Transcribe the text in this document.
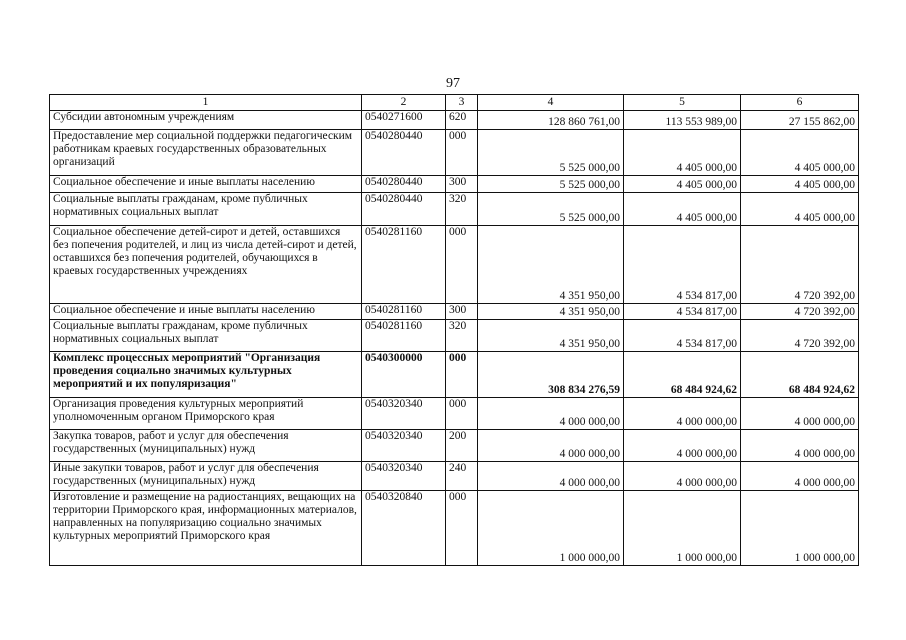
97
1	2	3	4	5	6
Субсидии автономным учреждениям	0540271600	620	128 860 761,00	113 553 989,00	27 155 862,00
Предоставление мер социальной поддержки педагогическим работникам краевых государственных образовательных организаций	0540280440	000	5 525 000,00	4 405 000,00	4 405 000,00
Социальное обеспечение и иные выплаты населению	0540280440	300	5 525 000,00	4 405 000,00	4 405 000,00
Социальные выплаты гражданам, кроме публичных нормативных социальных выплат	0540280440	320	5 525 000,00	4 405 000,00	4 405 000,00
Социальное обеспечение детей-сирот и детей, оставшихся без попечения родителей, и лиц из числа детей-сирот и детей, оставшихся без попечения родителей, обучающихся в краевых государственных учреждениях	0540281160	000	4 351 950,00	4 534 817,00	4 720 392,00
Социальное обеспечение и иные выплаты населению	0540281160	300	4 351 950,00	4 534 817,00	4 720 392,00
Социальные выплаты гражданам, кроме публичных нормативных социальных выплат	0540281160	320	4 351 950,00	4 534 817,00	4 720 392,00
Комплекс процессных мероприятий "Организация проведения социально значимых культурных мероприятий и их популяризация"	0540300000	000	308 834 276,59	68 484 924,62	68 484 924,62
Организация проведения культурных мероприятий уполномоченным органом Приморского края	0540320340	000	4 000 000,00	4 000 000,00	4 000 000,00
Закупка товаров, работ и услуг для обеспечения государственных (муниципальных) нужд	0540320340	200	4 000 000,00	4 000 000,00	4 000 000,00
Иные закупки товаров, работ и услуг для обеспечения государственных (муниципальных) нужд	0540320340	240	4 000 000,00	4 000 000,00	4 000 000,00
Изготовление и размещение на радиостанциях, вещающих на территории Приморского края, информационных материалов, направленных на популяризацию социально значимых культурных мероприятий Приморского края	0540320840	000	1 000 000,00	1 000 000,00	1 000 000,00
